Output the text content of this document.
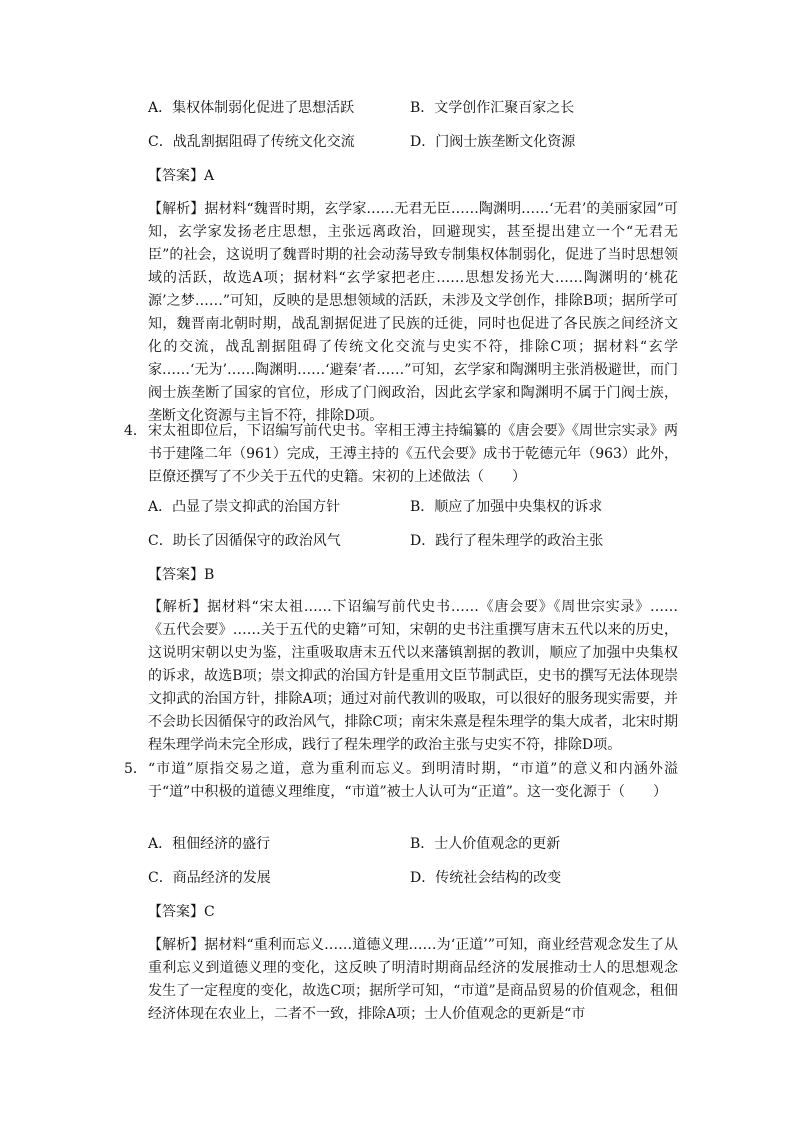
A．集权体制弱化促进了思想活跃	B．文学创作汇聚百家之长
C．战乱割据阻碍了传统文化交流	D．门阀士族垄断文化资源
【答案】A
【解析】据材料“魏晋时期，玄学家……无君无臣……陶渊明……‘无君’的美丽家园”可知，玄学家发扬老庄思想，主张远离政治，回避现实，甚至提出建立一个“无君无臣”的社会，这说明了魏晋时期的社会动荡导致专制集权体制弱化，促进了当时思想领域的活跃，故选A项；据材料“玄学家把老庄……思想发扬光大……陶渊明的‘桃花源’之梦……”可知，反映的是思想领域的活跃，未涉及文学创作，排除B项；据所学可知，魏晋南北朝时期，战乱割据促进了民族的迁徙，同时也促进了各民族之间经济文化的交流，战乱割据阻碍了传统文化交流与史实不符，排除C项；据材料“玄学家……‘无为’……陶渊明……‘避秦’者……”可知，玄学家和陶渊明主张消极避世，而门阀士族垄断了国家的官位，形成了门阀政治，因此玄学家和陶渊明不属于门阀士族，垄断文化资源与主旨不符，排除D项。
4． 宋太祖即位后，下诏编写前代史书。宰相王溥主持编纂的《唐会要》《周世宗实录》两书于建隆二年（961）完成，王溥主持的《五代会要》成书于乾德元年（963）此外，臣僚还撰写了不少关于五代的史籍。宋初的上述做法（　　）
A．凸显了崇文抑武的治国方针	B．顺应了加强中央集权的诉求
C．助长了因循保守的政治风气	D．践行了程朱理学的政治主张
【答案】B
【解析】据材料“宋太祖……下诏编写前代史书……《唐会要》《周世宗实录》……《五代会要》……关于五代的史籍”可知，宋朝的史书注重撰写唐末五代以来的历史，这说明宋朝以史为鉴，注重吸取唐末五代以来藩镇割据的教训，顺应了加强中央集权的诉求，故选B项；崇文抑武的治国方针是重用文臣节制武臣，史书的撰写无法体现崇文抑武的治国方针，排除A项；通过对前代教训的吸取，可以很好的服务现实需要，并不会助长因循保守的政治风气，排除C项；南宋朱熹是程朱理学的集大成者，北宋时期程朱理学尚未完全形成，践行了程朱理学的政治主张与史实不符，排除D项。
5． “市道”原指交易之道，意为重利而忘义。到明清时期，“市道”的意义和内涵外溢于“道”中积极的道德义理维度，“市道”被士人认可为“正道”。这一变化源于（　　）
A．租佃经济的盛行	B．士人价值观念的更新
C．商品经济的发展	D．传统社会结构的改变
【答案】C
【解析】据材料“重利而忘义……道德义理……为‘正道’”可知，商业经营观念发生了从重利忘义到道德义理的变化，这反映了明清时期商品经济的发展推动士人的思想观念发生了一定程度的变化，故选C项；据所学可知，“市道”是商品贸易的价值观念，租佃经济体现在农业上，二者不一致，排除A项；士人价值观念的更新是“市
